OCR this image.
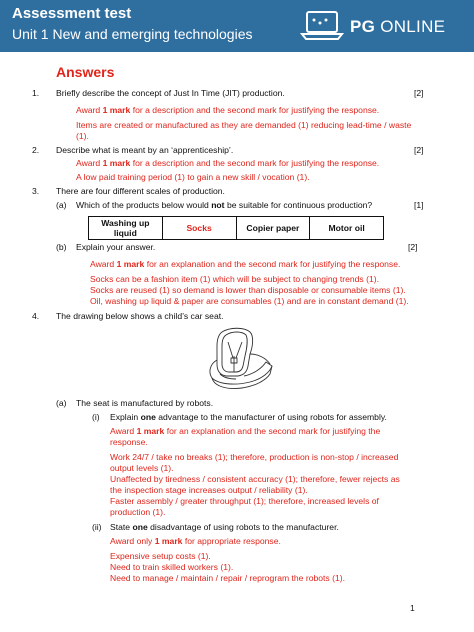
Assessment test
Unit 1 New and emerging technologies	PG ONLINE
Answers
1. Briefly describe the concept of Just In Time (JIT) production.	[2]
Award 1 mark for a description and the second mark for justifying the response.
Items are created or manufactured as they are demanded (1) reducing lead-time / waste
(1).
2. Describe what is meant by an ‘apprenticeship’.	[2]
Award 1 mark for a description and the second mark for justifying the response.
A low paid training period (1) to gain a new skill / vocation (1).
3. There are four different scales of production.
(a) Which of the products below would not be suitable for continuous production?	[1]
Washing up liquid	Socks	Copier paper	Motor oil
(b) Explain your answer.	[2]
Award 1 mark for an explanation and the second mark for justifying the response.
Socks can be a fashion item (1) which will be subject to changing trends (1).
Socks are reused (1) so demand is lower than disposable or consumable items (1).
Oil, washing up liquid & paper are consumables (1) and are in constant demand (1).
4. The drawing below shows a child’s car seat.
(a) The seat is manufactured by robots.
(i) Explain one advantage to the manufacturer of using robots for assembly.
Award 1 mark for an explanation and the second mark for justifying the
response.
Work 24/7 / take no breaks (1); therefore, production is non-stop / increased
output levels (1).
Unaffected by tiredness / consistent accuracy (1); therefore, fewer rejects as
the inspection stage increases output / reliability (1).
Faster assembly / greater throughput (1); therefore, increased levels of
production (1).
(ii) State one disadvantage of using robots to the manufacturer.
Award only 1 mark for appropriate response.
Expensive setup costs (1).
Need to train skilled workers (1).
Need to manage / maintain / repair / reprogram the robots (1).
1
